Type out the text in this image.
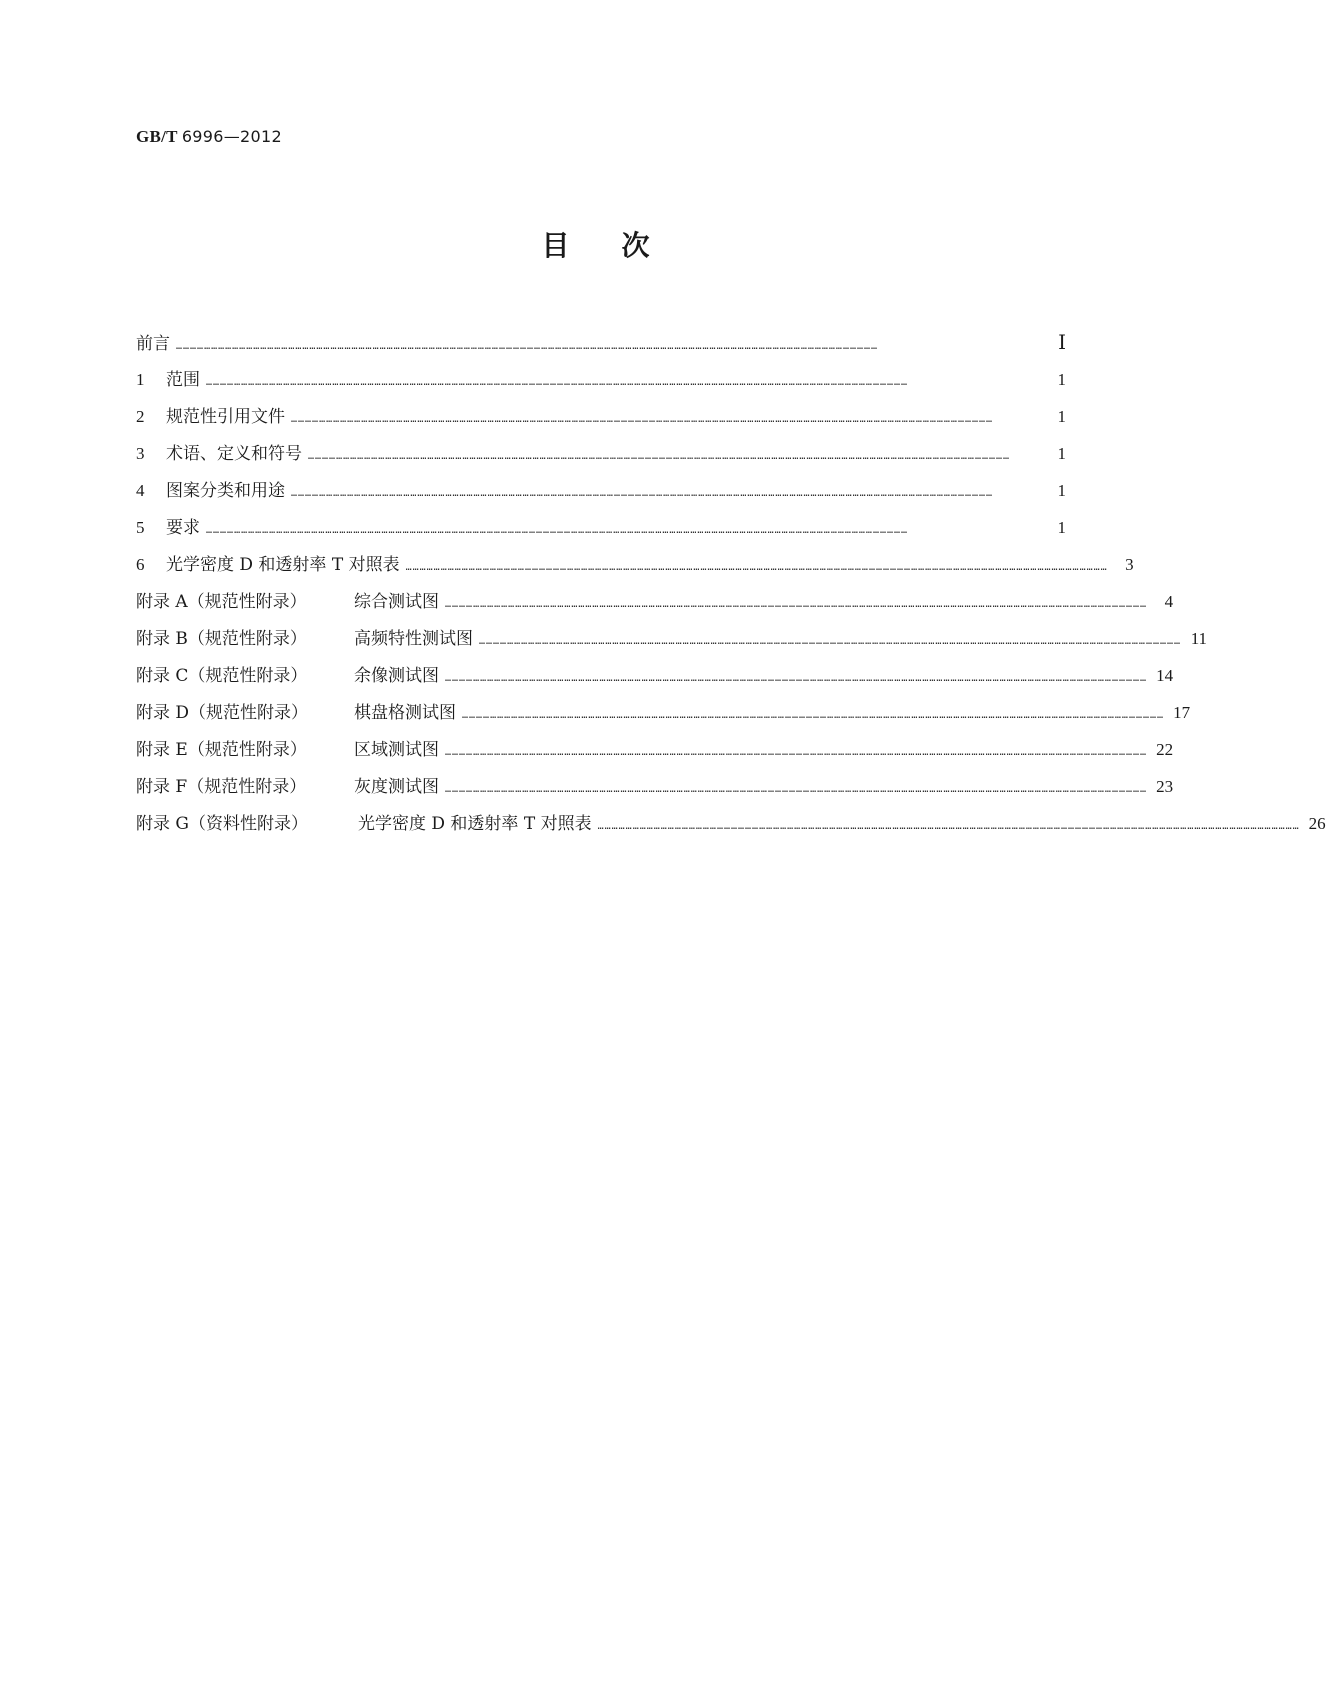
GB/T 6996—2012
目次
前言 …………………………………………………………………………………………………………………………………………………………………………………………………………………………………………………………………………	Ⅰ
1 范围 …………………………………………………………………………………………………………………………………………………………………………………………………………………………………………………………………………	1
2 规范性引用文件 …………………………………………………………………………………………………………………………………………………………………………………………………………………………………………………………………………	1
3 术语、定义和符号 …………………………………………………………………………………………………………………………………………………………………………………………………………………………………………………………………………	1
4 图案分类和用途 …………………………………………………………………………………………………………………………………………………………………………………………………………………………………………………………………………	1
5 要求 …………………………………………………………………………………………………………………………………………………………………………………………………………………………………………………………………………	1
6 光学密度 D 和透射率 T 对照表 …………………………………………………………………………………………………………………………………………………………………………………………………………………………………………………………………………	3
附录 A（规范性附录）	综合测试图 …………………………………………………………………………………………………………………………………………………………………………………………………………………………………………………………………………	4
附录 B（规范性附录）	高频特性测试图 ………………………………………………………………………………………………………………………………………………………………………………………………………………………………………………………………………… 11
附录 C（规范性附录）	余像测试图 ………………………………………………………………………………………………………………………………………………………………………………………………………………………………………………………………………… 14
附录 D（规范性附录）	棋盘格测试图 ………………………………………………………………………………………………………………………………………………………………………………………………………………………………………………………………………… 17
附录 E（规范性附录）	区域测试图 ………………………………………………………………………………………………………………………………………………………………………………………………………………………………………………………………………… 22
附录 F（规范性附录）	灰度测试图 ………………………………………………………………………………………………………………………………………………………………………………………………………………………………………………………………………… 23
附录 G（资料性附录）	光学密度 D 和透射率 T 对照表 ………………………………………………………………………………………………………………………………………………………………………………………………………………………………………………………………………… 26
